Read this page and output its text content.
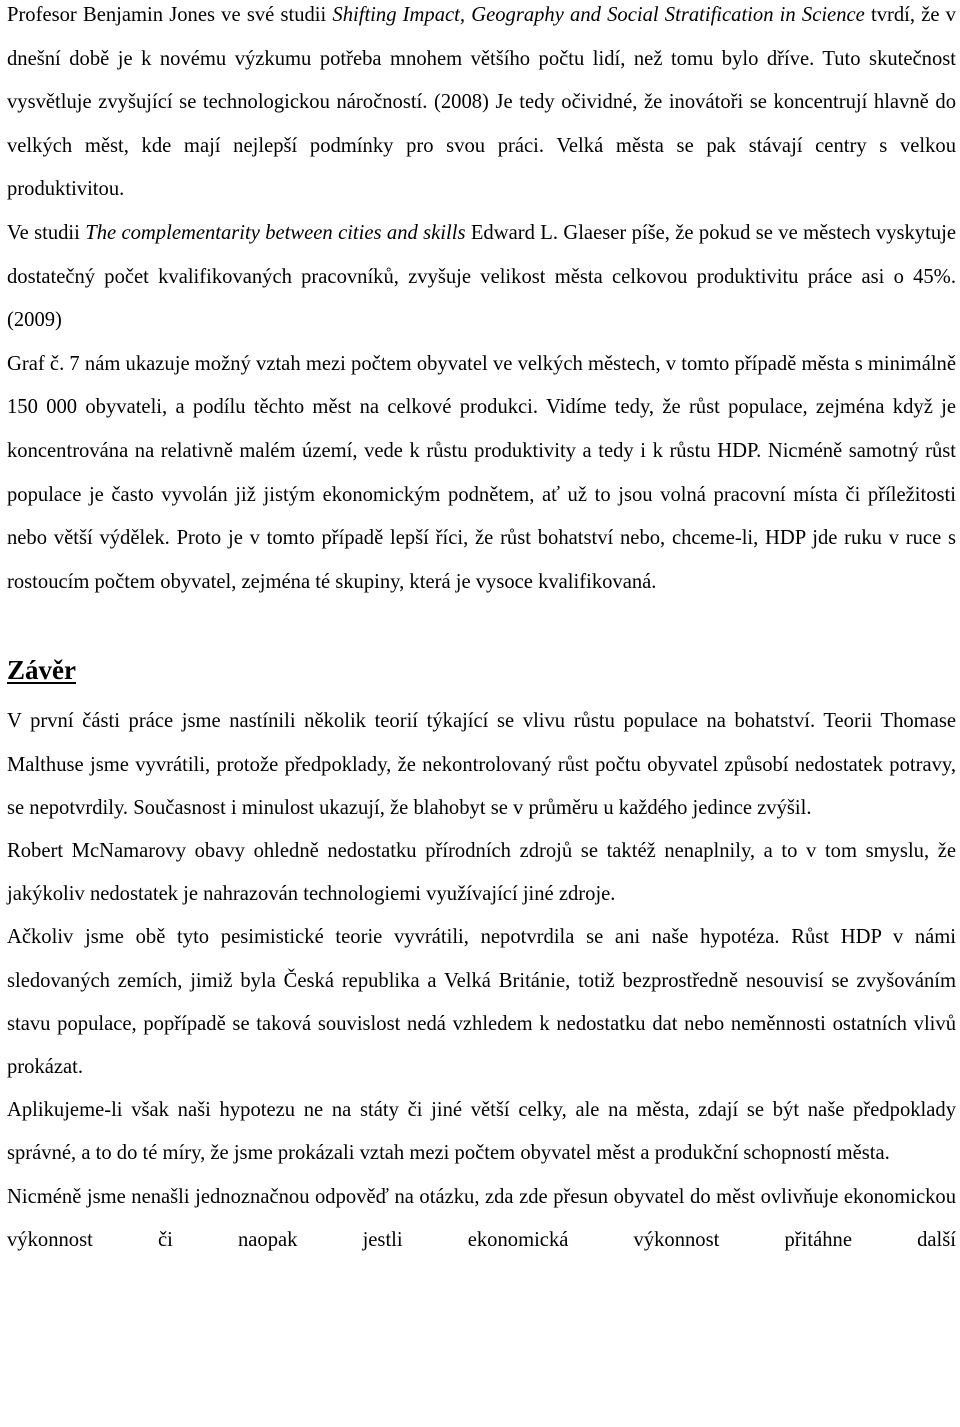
Profesor Benjamin Jones ve své studii Shifting Impact, Geography and Social Stratification in Science tvrdí, že v dnešní době je k novému výzkumu potřeba mnohem většího počtu lidí, než tomu bylo dříve. Tuto skutečnost vysvětluje zvyšující se technologickou náročností. (2008) Je tedy očividné, že inovátoři se koncentrují hlavně do velkých měst, kde mají nejlepší podmínky pro svou práci. Velká města se pak stávají centry s velkou produktivitou.

Ve studii The complementarity between cities and skills Edward L. Glaeser píše, že pokud se ve městech vyskytuje dostatečný počet kvalifikovaných pracovníků, zvyšuje velikost města celkovou produktivitu práce asi o 45%. (2009)

Graf č. 7 nám ukazuje možný vztah mezi počtem obyvatel ve velkých městech, v tomto případě města s minimálně 150 000 obyvateli, a podílu těchto měst na celkové produkci. Vidíme tedy, že růst populace, zejména když je koncentrována na relativně malém území, vede k růstu produktivity a tedy i k růstu HDP. Nicméně samotný růst populace je často vyvolán již jistým ekonomickým podnětem, ať už to jsou volná pracovní místa či příležitosti nebo větší výdělek. Proto je v tomto případě lepší říci, že růst bohatství nebo, chceme-li, HDP jde ruku v ruce s rostoucím počtem obyvatel, zejména té skupiny, která je vysoce kvalifikovaná.

Závěr

V první části práce jsme nastínili několik teorií týkající se vlivu růstu populace na bohatství. Teorii Thomase Malthuse jsme vyvrátili, protože předpoklady, že nekontrolovaný růst počtu obyvatel způsobí nedostatek potravy, se nepotvrdily. Současnost i minulost ukazují, že blahobyt se v průměru u každého jedince zvýšil.

Robert McNamarovy obavy ohledně nedostatku přírodních zdrojů se taktéž nenaplnily, a to v tom smyslu, že jakýkoliv nedostatek je nahrazován technologiemi využívající jiné zdroje.

Ačkoliv jsme obě tyto pesimistické teorie vyvrátili, nepotvrdila se ani naše hypotéza. Růst HDP v námi sledovaných zemích, jimiž byla Česká republika a Velká Británie, totiž bezprostředně nesouvisí se zvyšováním stavu populace, popřípadě se taková souvislost nedá vzhledem k nedostatku dat nebo neměnnosti ostatních vlivů prokázat.

Aplikujeme-li však naši hypotezu ne na státy či jiné větší celky, ale na města, zdají se být naše předpoklady správné, a to do té míry, že jsme prokázali vztah mezi počtem obyvatel měst a produkční schopností města.

Nicméně jsme nenašli jednoznačnou odpověď na otázku, zda zde přesun obyvatel do měst ovlivňuje ekonomickou výkonnost či naopak jestli ekonomická výkonnost přitáhne další
